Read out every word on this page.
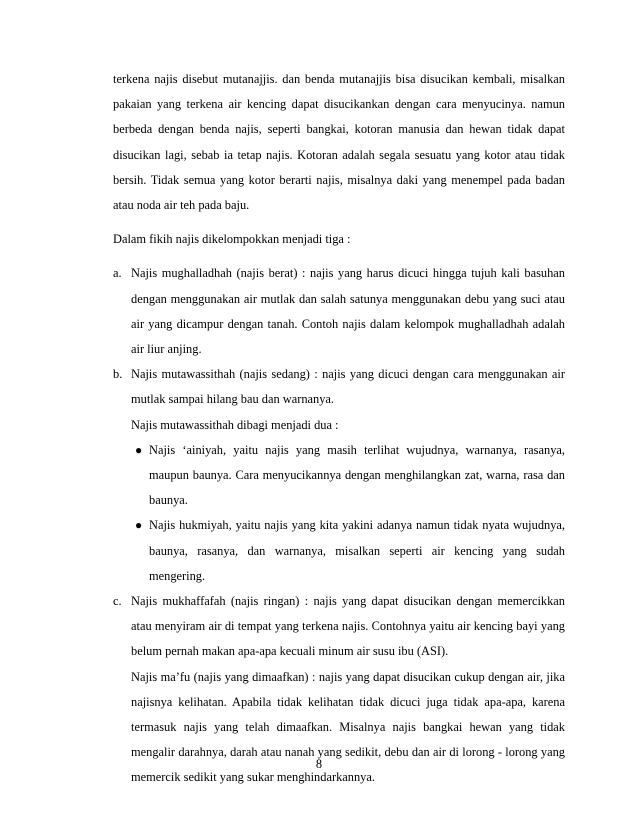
terkena najis disebut mutanajjis. dan benda mutanajjis bisa disucikan kembali, misalkan pakaian yang terkena air kencing dapat disucikankan dengan cara menyucinya. namun berbeda dengan benda najis, seperti bangkai, kotoran manusia dan hewan tidak dapat disucikan lagi, sebab ia tetap najis. Kotoran adalah segala sesuatu yang kotor atau tidak bersih. Tidak semua yang kotor berarti najis, misalnya daki yang menempel pada badan atau noda air teh pada baju.

Dalam fikih najis dikelompokkan menjadi tiga :

a. Najis mughalladhah (najis berat) : najis yang harus dicuci hingga tujuh kali basuhan dengan menggunakan air mutlak dan salah satunya menggunakan debu yang suci atau air yang dicampur dengan tanah. Contoh najis dalam kelompok mughalladhah adalah air liur anjing.

b. Najis mutawassithah (najis sedang) : najis yang dicuci dengan cara menggunakan air mutlak sampai hilang bau dan warnanya.

Najis mutawassithah dibagi menjadi dua :

● Najis ‘ainiyah, yaitu najis yang masih terlihat wujudnya, warnanya, rasanya, maupun baunya. Cara menyucikannya dengan menghilangkan zat, warna, rasa dan baunya.

● Najis hukmiyah, yaitu najis yang kita yakini adanya namun tidak nyata wujudnya, baunya, rasanya, dan warnanya, misalkan seperti air kencing yang sudah mengering.

c. Najis mukhaffafah (najis ringan) : najis yang dapat disucikan dengan memercikkan atau menyiram air di tempat yang terkena najis. Contohnya yaitu air kencing bayi yang belum pernah makan apa-apa kecuali minum air susu ibu (ASI).

Najis ma’fu (najis yang dimaafkan) : najis yang dapat disucikan cukup dengan air, jika najisnya kelihatan. Apabila tidak kelihatan tidak dicuci juga tidak apa-apa, karena termasuk najis yang telah dimaafkan. Misalnya najis bangkai hewan yang tidak mengalir darahnya, darah atau nanah yang sedikit, debu dan air di lorong - lorong yang memercik sedikit yang sukar menghindarkannya.

8
